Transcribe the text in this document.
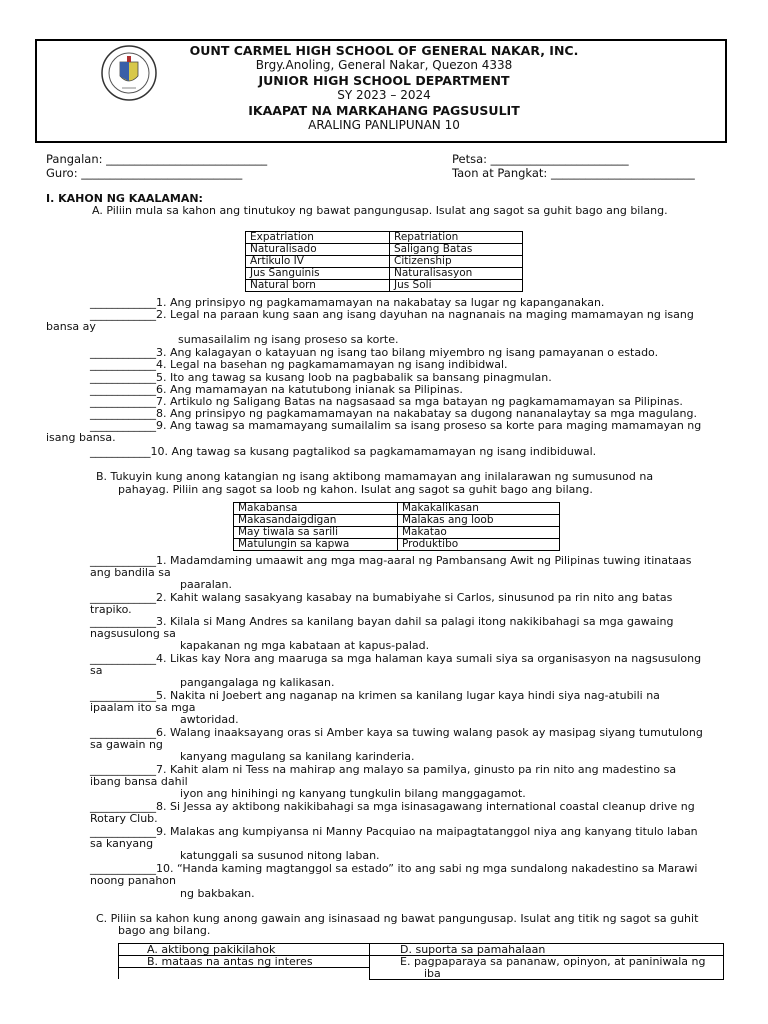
OUNT CARMEL HIGH SCHOOL OF GENERAL NAKAR, INC.
Brgy.Anoling, General Nakar, Quezon 4338
JUNIOR HIGH SCHOOL DEPARTMENT
SY 2023 – 2024
IKAAPAT NA MARKAHANG PAGSUSULIT
ARALING PANLIPUNAN 10
Pangalan: ____________________________
Guro: ____________________________
Petsa: ________________________
Taon at Pangkat: _________________________
I. KAHON NG KAALAMAN:
A. Piliin mula sa kahon ang tinutukoy ng bawat pangungusap. Isulat ang sagot sa guhit bago ang bilang.
Expatriation	Repatriation
Naturalisado	Saligang Batas
Artikulo IV	Citizenship
Jus Sanguinis	Naturalisasyon
Natural born	Jus Soli
____________1. Ang prinsipyo ng pagkamamamayan na nakabatay sa lugar ng kapanganakan.
____________2. Legal na paraan kung saan ang isang dayuhan na nagnanais na maging mamamayan ng isang
bansa ay
sumasailalim ng isang proseso sa korte.
____________3. Ang kalagayan o katayuan ng isang tao bilang miyembro ng isang pamayanan o estado.
____________4. Legal na basehan ng pagkamamamayan ng isang indibidwal.
____________5. Ito ang tawag sa kusang loob na pagbabalik sa bansang pinagmulan.
____________6. Ang mamamayan na katutubong inianak sa Pilipinas.
____________7. Artikulo ng Saligang Batas na nagsasaad sa mga batayan ng pagkamamamayan sa Pilipinas.
____________8. Ang prinsipyo ng pagkamamamayan na nakabatay sa dugong nananalaytay sa mga magulang.
____________9. Ang tawag sa mamamayang sumailalim sa isang proseso sa korte para maging mamamayan ng
isang bansa.
___________10. Ang tawag sa kusang pagtalikod sa pagkamamamayan ng isang indibiduwal.
B. Tukuyin kung anong katangian ng isang aktibong mamamayan ang inilalarawan ng sumusunod na
pahayag. Piliin ang sagot sa loob ng kahon. Isulat ang sagot sa guhit bago ang bilang.
Makabansa	Makakalikasan
Makasandaigdigan	Malakas ang loob
May tiwala sa sarili	Makatao
Matulungin sa kapwa	Produktibo
____________1. Madamdaming umaawit ang mga mag-aaral ng Pambansang Awit ng Pilipinas tuwing itinataas
ang bandila sa
paaralan.
____________2. Kahit walang sasakyang kasabay na bumabiyahe si Carlos, sinusunod pa rin nito ang batas
trapiko.
____________3. Kilala si Mang Andres sa kanilang bayan dahil sa palagi itong nakikibahagi sa mga gawaing
nagsusulong sa
kapakanan ng mga kabataan at kapus-palad.
____________4. Likas kay Nora ang maaruga sa mga halaman kaya sumali siya sa organisasyon na nagsusulong
sa
pangangalaga ng kalikasan.
____________5. Nakita ni Joebert ang naganap na krimen sa kanilang lugar kaya hindi siya nag-atubili na
ipaalam ito sa mga
awtoridad.
____________6. Walang inaaksayang oras si Amber kaya sa tuwing walang pasok ay masipag siyang tumutulong
sa gawain ng
kanyang magulang sa kanilang karinderia.
____________7. Kahit alam ni Tess na mahirap ang malayo sa pamilya, ginusto pa rin nito ang madestino sa
ibang bansa dahil
iyon ang hinihingi ng kanyang tungkulin bilang manggagamot.
____________8. Si Jessa ay aktibong nakikibahagi sa mga isinasagawang international coastal cleanup drive ng
Rotary Club.
____________9. Malakas ang kumpiyansa ni Manny Pacquiao na maipagtatanggol niya ang kanyang titulo laban
sa kanyang
katunggali sa susunod nitong laban.
____________10. “Handa kaming magtanggol sa estado” ito ang sabi ng mga sundalong nakadestino sa Marawi
noong panahon
ng bakbakan.
C. Piliin sa kahon kung anong gawain ang isinasaad ng bawat pangungusap. Isulat ang titik ng sagot sa guhit
bago ang bilang.
A. aktibong pakikilahok	D. suporta sa pamahalaan
B. mataas na antas ng interes	E. pagpaparaya sa pananaw, opinyon, at paniniwala ng
	iba
